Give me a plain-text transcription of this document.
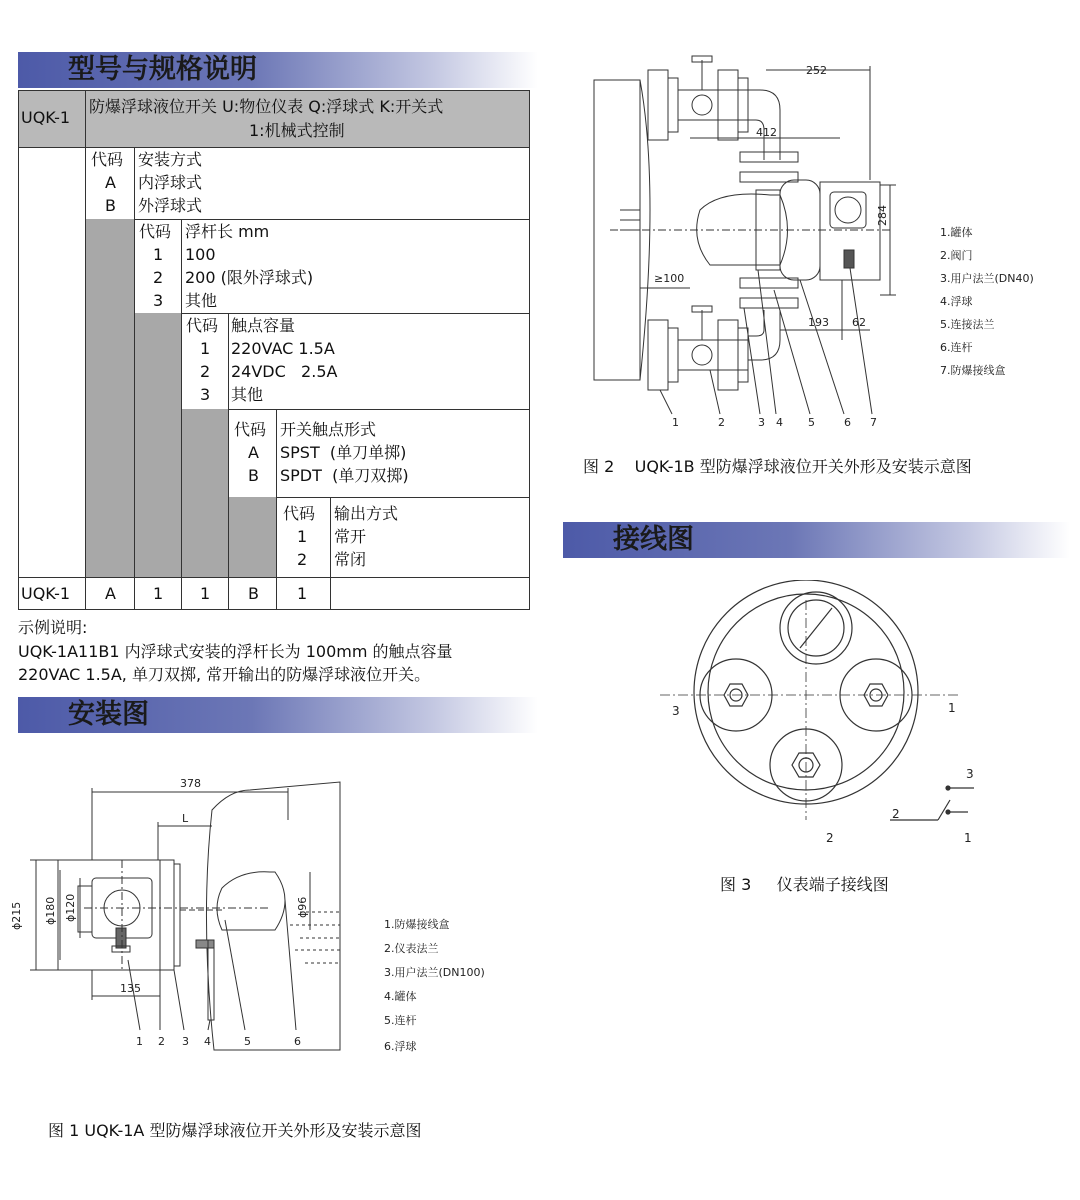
型号与规格说明
UQK-1
防爆浮球液位开关 U:物位仪表 Q:浮球式 K:开关式
1:机械式控制
代码 安装方式
A 内浮球式
B 外浮球式
代码 浮杆长 mm
1 100
2 200 (限外浮球式)
3 其他
代码 触点容量
1 220VAC 1.5A
2 24VDC   2.5A
3 其他
代码 开关触点形式
A SPST  (单刀单掷)
B SPDT  (单刀双掷)
代码 输出方式
1 常开
2 常闭
UQK-1 A 1 1 B 1
示例说明:
UQK-1A11B1 内浮球式安装的浮杆长为 100mm 的触点容量
220VAC 1.5A, 单刀双掷, 常开输出的防爆浮球液位开关。
安装图
378
L
ϕ215 ϕ180 ϕ120	ϕ96
135
1 2 3 4	5	6
1.防爆接线盒
2.仪表法兰
3.用户法兰(DN100)
4.罐体
5.连杆
6.浮球
图 1 UQK-1A 型防爆浮球液位开关外形及安装示意图
252
412
284
≥100
193 62
1	2	3 4 5	6 7
1.罐体
2.阀门
3.用户法兰(DN40)
4.浮球
5.连接法兰
6.连杆
7.防爆接线盒
图 2    UQK-1B 型防爆浮球液位开关外形及安装示意图
接线图
3	1
2
3
2
1
图 3     仪表端子接线图
